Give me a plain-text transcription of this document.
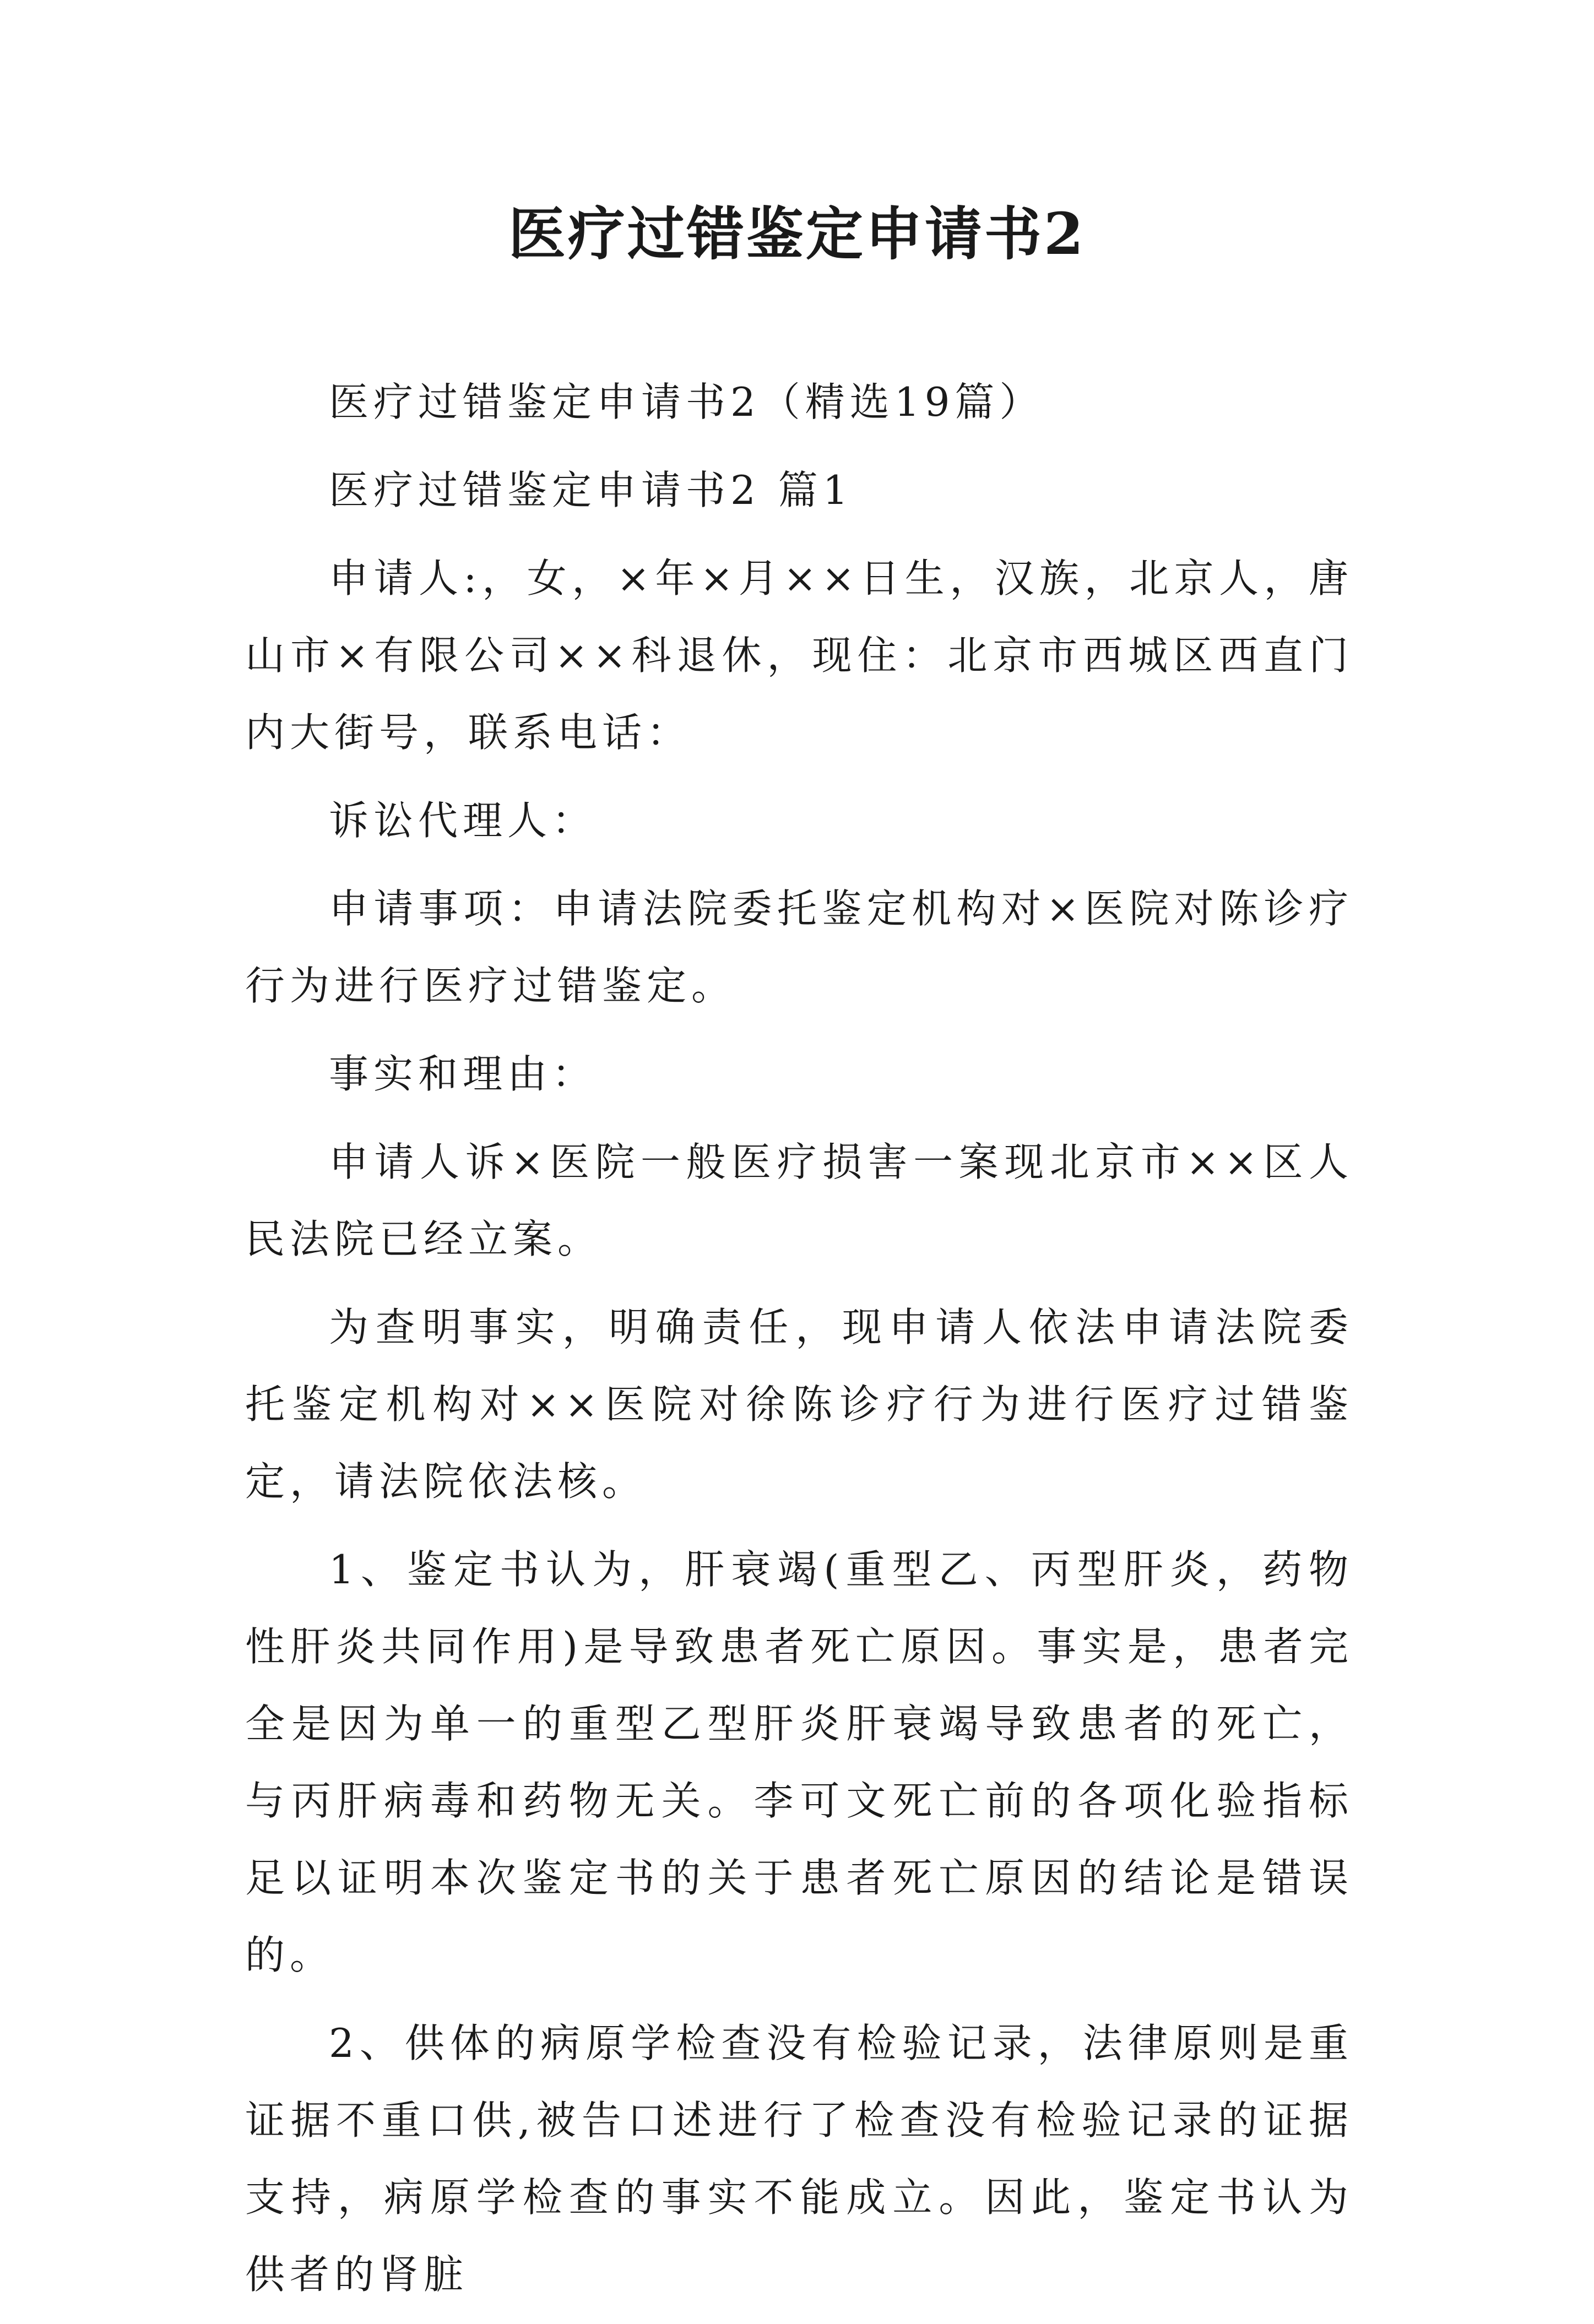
医疗过错鉴定申请书2

医疗过错鉴定申请书2（精选19篇）

医疗过错鉴定申请书2 篇1

申请人:，女，×年×月××日生，汉族，北京人，唐山市×有限公司××科退休，现住：北京市西城区西直门内大街号，联系电话：

诉讼代理人：

申请事项：申请法院委托鉴定机构对×医院对陈诊疗行为进行医疗过错鉴定。

事实和理由：

申请人诉×医院一般医疗损害一案现北京市××区人民法院已经立案。

为查明事实，明确责任，现申请人依法申请法院委托鉴定机构对××医院对徐陈诊疗行为进行医疗过错鉴定，请法院依法核。

1、鉴定书认为，肝衰竭(重型乙、丙型肝炎，药物性肝炎共同作用)是导致患者死亡原因。事实是，患者完全是因为单一的重型乙型肝炎肝衰竭导致患者的死亡，与丙肝病毒和药物无关。李可文死亡前的各项化验指标足以证明本次鉴定书的关于患者死亡原因的结论是错误的。

2、供体的病原学检查没有检验记录，法律原则是重证据不重口供,被告口述进行了检查没有检验记录的证据支持，病原学检查的事实不能成立。因此，鉴定书认为供者的肾脏
